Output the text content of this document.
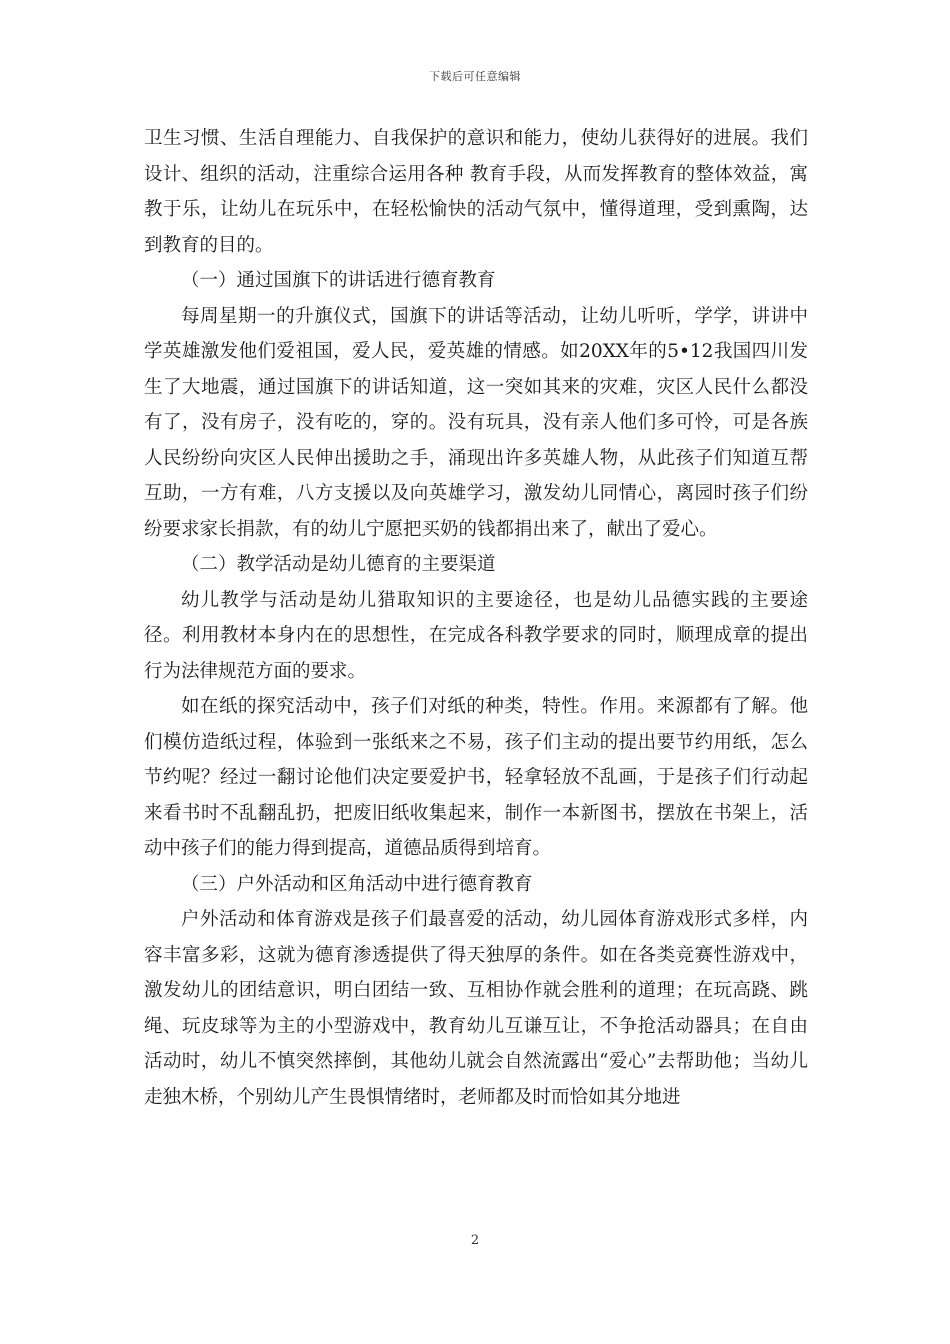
下载后可任意编辑

卫生习惯、生活自理能力、自我保护的意识和能力，使幼儿获得好的进展。我们设计、组织的活动，注重综合运用各种 教育手段，从而发挥教育的整体效益，寓教于乐，让幼儿在玩乐中，在轻松愉快的活动气氛中，懂得道理，受到熏陶，达到教育的目的。

（一）通过国旗下的讲话进行德育教育

每周星期一的升旗仪式，国旗下的讲话等活动，让幼儿听听，学学，讲讲中学英雄激发他们爱祖国，爱人民，爱英雄的情感。如20XX年的5•12我国四川发生了大地震，通过国旗下的讲话知道，这一突如其来的灾难，灾区人民什么都没有了，没有房子，没有吃的，穿的。没有玩具，没有亲人他们多可怜，可是各族人民纷纷向灾区人民伸出援助之手，涌现出许多英雄人物，从此孩子们知道互帮互助，一方有难，八方支援以及向英雄学习，激发幼儿同情心，离园时孩子们纷纷要求家长捐款，有的幼儿宁愿把买奶的钱都捐出来了，献出了爱心。

（二）教学活动是幼儿德育的主要渠道

幼儿教学与活动是幼儿猎取知识的主要途径，也是幼儿品德实践的主要途径。利用教材本身内在的思想性，在完成各科教学要求的同时，顺理成章的提出行为法律规范方面的要求。

如在纸的探究活动中，孩子们对纸的种类，特性。作用。来源都有了解。他们模仿造纸过程，体验到一张纸来之不易，孩子们主动的提出要节约用纸，怎么节约呢？经过一翻讨论他们决定要爱护书，轻拿轻放不乱画，于是孩子们行动起来看书时不乱翻乱扔，把废旧纸收集起来，制作一本新图书，摆放在书架上，活动中孩子们的能力得到提高，道德品质得到培育。

（三）户外活动和区角活动中进行德育教育

户外活动和体育游戏是孩子们最喜爱的活动，幼儿园体育游戏形式多样，内容丰富多彩，这就为德育渗透提供了得天独厚的条件。如在各类竞赛性游戏中，激发幼儿的团结意识，明白团结一致、互相协作就会胜利的道理；在玩高跷、跳绳、玩皮球等为主的小型游戏中，教育幼儿互谦互让，不争抢活动器具；在自由活动时，幼儿不慎突然摔倒，其他幼儿就会自然流露出“爱心”去帮助他；当幼儿走独木桥，个别幼儿产生畏惧情绪时，老师都及时而恰如其分地进

2
